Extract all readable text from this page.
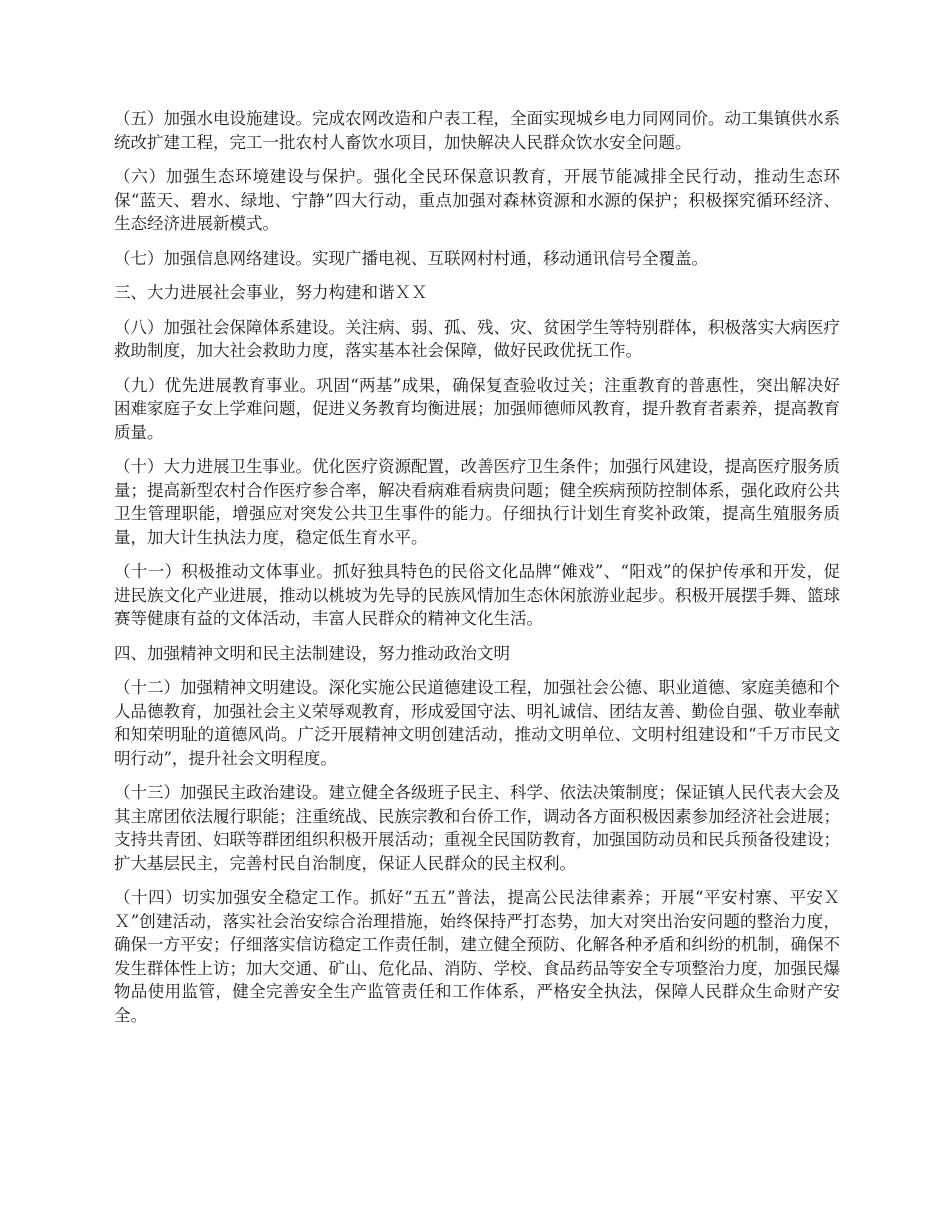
（五）加强水电设施建设。完成农网改造和户表工程，全面实现城乡电力同网同价。动工集镇供水系统改扩建工程，完工一批农村人畜饮水项目，加快解决人民群众饮水安全问题。

（六）加强生态环境建设与保护。强化全民环保意识教育，开展节能减排全民行动，推动生态环保“蓝天、碧水、绿地、宁静”四大行动，重点加强对森林资源和水源的保护；积极探究循环经济、生态经济进展新模式。

（七）加强信息网络建设。实现广播电视、互联网村村通，移动通讯信号全覆盖。

三、大力进展社会事业，努力构建和谐ＸＸ

（八）加强社会保障体系建设。关注病、弱、孤、残、灾、贫困学生等特别群体，积极落实大病医疗救助制度，加大社会救助力度，落实基本社会保障，做好民政优抚工作。

（九）优先进展教育事业。巩固“两基”成果，确保复查验收过关；注重教育的普惠性，突出解决好困难家庭子女上学难问题，促进义务教育均衡进展；加强师德师风教育，提升教育者素养，提高教育质量。

（十）大力进展卫生事业。优化医疗资源配置，改善医疗卫生条件；加强行风建设，提高医疗服务质量；提高新型农村合作医疗参合率，解决看病难看病贵问题；健全疾病预防控制体系，强化政府公共卫生管理职能，增强应对突发公共卫生事件的能力。仔细执行计划生育奖补政策，提高生殖服务质量，加大计生执法力度，稳定低生育水平。

（十一）积极推动文体事业。抓好独具特色的民俗文化品牌“傩戏”、“阳戏”的保护传承和开发，促进民族文化产业进展，推动以桃坡为先导的民族风情加生态休闲旅游业起步。积极开展摆手舞、篮球赛等健康有益的文体活动，丰富人民群众的精神文化生活。

四、加强精神文明和民主法制建设，努力推动政治文明

（十二）加强精神文明建设。深化实施公民道德建设工程，加强社会公德、职业道德、家庭美德和个人品德教育，加强社会主义荣辱观教育，形成爱国守法、明礼诚信、团结友善、勤俭自强、敬业奉献和知荣明耻的道德风尚。广泛开展精神文明创建活动，推动文明单位、文明村组建设和“千万市民文明行动”，提升社会文明程度。

（十三）加强民主政治建设。建立健全各级班子民主、科学、依法决策制度；保证镇人民代表大会及其主席团依法履行职能；注重统战、民族宗教和台侨工作，调动各方面积极因素参加经济社会进展；支持共青团、妇联等群团组织积极开展活动；重视全民国防教育，加强国防动员和民兵预备役建设；扩大基层民主，完善村民自治制度，保证人民群众的民主权利。

（十四）切实加强安全稳定工作。抓好“五五”普法，提高公民法律素养；开展“平安村寨、平安ＸＸ”创建活动，落实社会治安综合治理措施，始终保持严打态势，加大对突出治安问题的整治力度，确保一方平安；仔细落实信访稳定工作责任制，建立健全预防、化解各种矛盾和纠纷的机制，确保不发生群体性上访；加大交通、矿山、危化品、消防、学校、食品药品等安全专项整治力度，加强民爆物品使用监管，健全完善安全生产监管责任和工作体系，严格安全执法，保障人民群众生命财产安全。
